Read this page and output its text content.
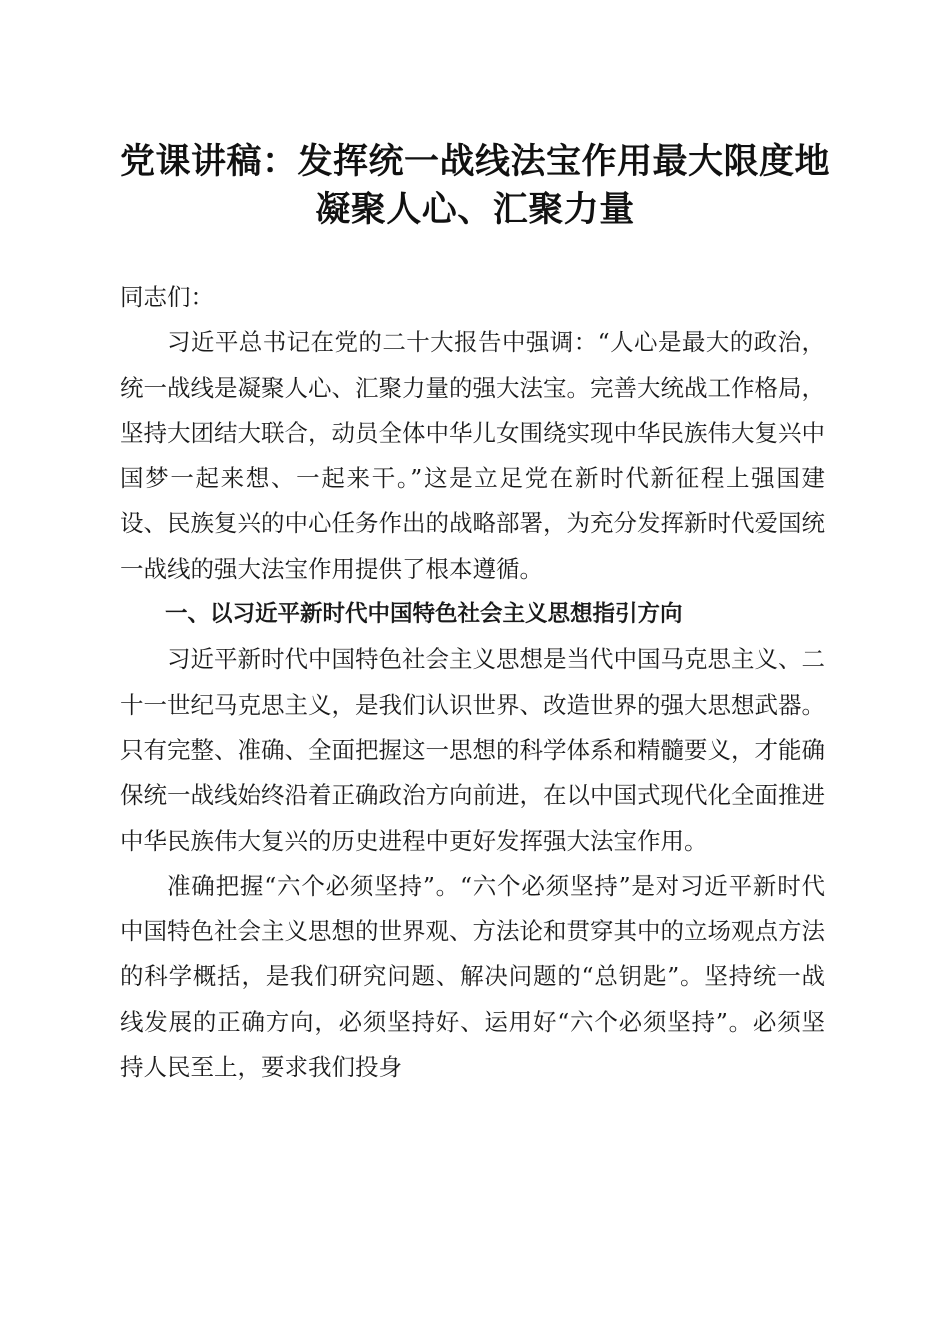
党课讲稿：发挥统一战线法宝作用最大限度地
凝聚人心、汇聚力量

同志们：

习近平总书记在党的二十大报告中强调：“人心是最大的政治，统一战线是凝聚人心、汇聚力量的强大法宝。完善大统战工作格局，坚持大团结大联合，动员全体中华儿女围绕实现中华民族伟大复兴中国梦一起来想、一起来干。”这是立足党在新时代新征程上强国建设、民族复兴的中心任务作出的战略部署，为充分发挥新时代爱国统一战线的强大法宝作用提供了根本遵循。

一、以习近平新时代中国特色社会主义思想指引方向

习近平新时代中国特色社会主义思想是当代中国马克思主义、二十一世纪马克思主义，是我们认识世界、改造世界的强大思想武器。只有完整、准确、全面把握这一思想的科学体系和精髓要义，才能确保统一战线始终沿着正确政治方向前进，在以中国式现代化全面推进中华民族伟大复兴的历史进程中更好发挥强大法宝作用。

准确把握“六个必须坚持”。“六个必须坚持”是对习近平新时代中国特色社会主义思想的世界观、方法论和贯穿其中的立场观点方法的科学概括，是我们研究问题、解决问题的“总钥匙”。坚持统一战线发展的正确方向，必须坚持好、运用好“六个必须坚持”。必须坚持人民至上，要求我们投身
